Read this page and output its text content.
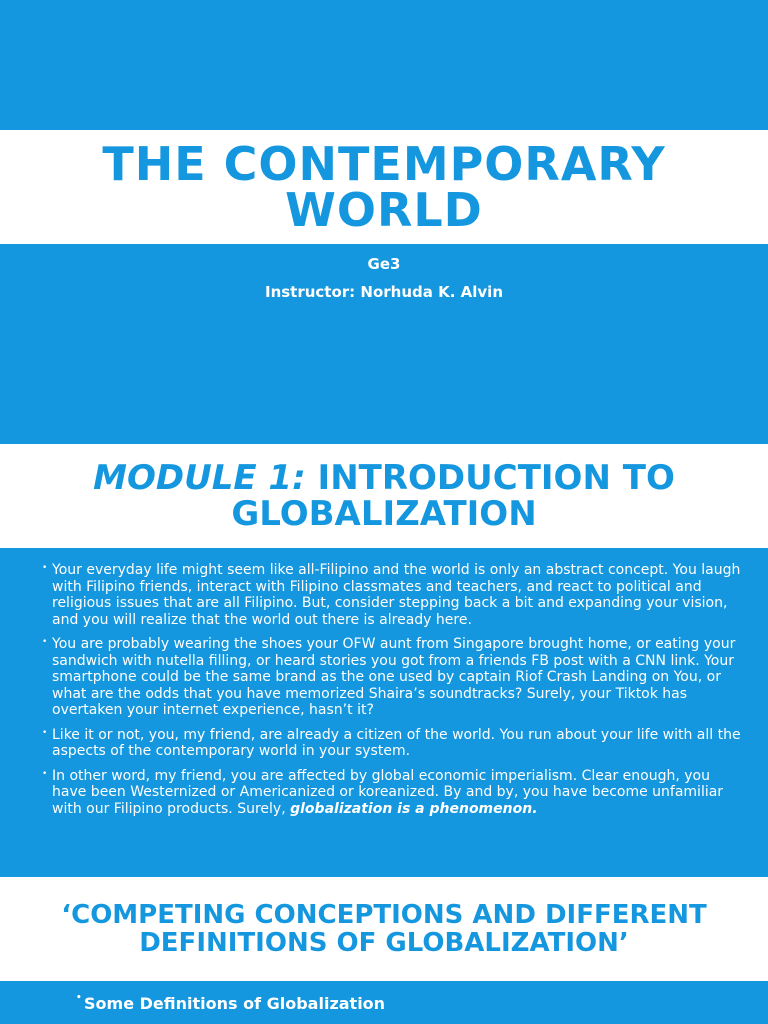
THE CONTEMPORARY
WORLD
Ge3
Instructor: Norhuda K. Alvin
MODULE 1: INTRODUCTION TO
GLOBALIZATION
• Your everyday life might seem like all-Filipino and the world is only an abstract concept. You laugh with Filipino friends, interact with Filipino classmates and teachers, and react to political and religious issues that are all Filipino. But, consider stepping back a bit and expanding your vision, and you will realize that the world out there is already here.
• You are probably wearing the shoes your OFW aunt from Singapore brought home, or eating your sandwich with nutella filling, or heard stories you got from a friends FB post with a CNN link. Your smartphone could be the same brand as the one used by captain Riof Crash Landing on You, or what are the odds that you have memorized Shaira’s soundtracks? Surely, your Tiktok has overtaken your internet experience, hasn’t it?
• Like it or not, you, my friend, are already a citizen of the world. You run about your life with all the aspects of the contemporary world in your system.
• In other word, my friend, you are affected by global economic imperialism. Clear enough, you have been Westernized or Americanized or koreanized. By and by, you have become unfamiliar with our Filipino products. Surely, globalization is a phenomenon.
‘COMPETING CONCEPTIONS AND DIFFERENT
DEFINITIONS OF GLOBALIZATION’
• Some Definitions of Globalization
